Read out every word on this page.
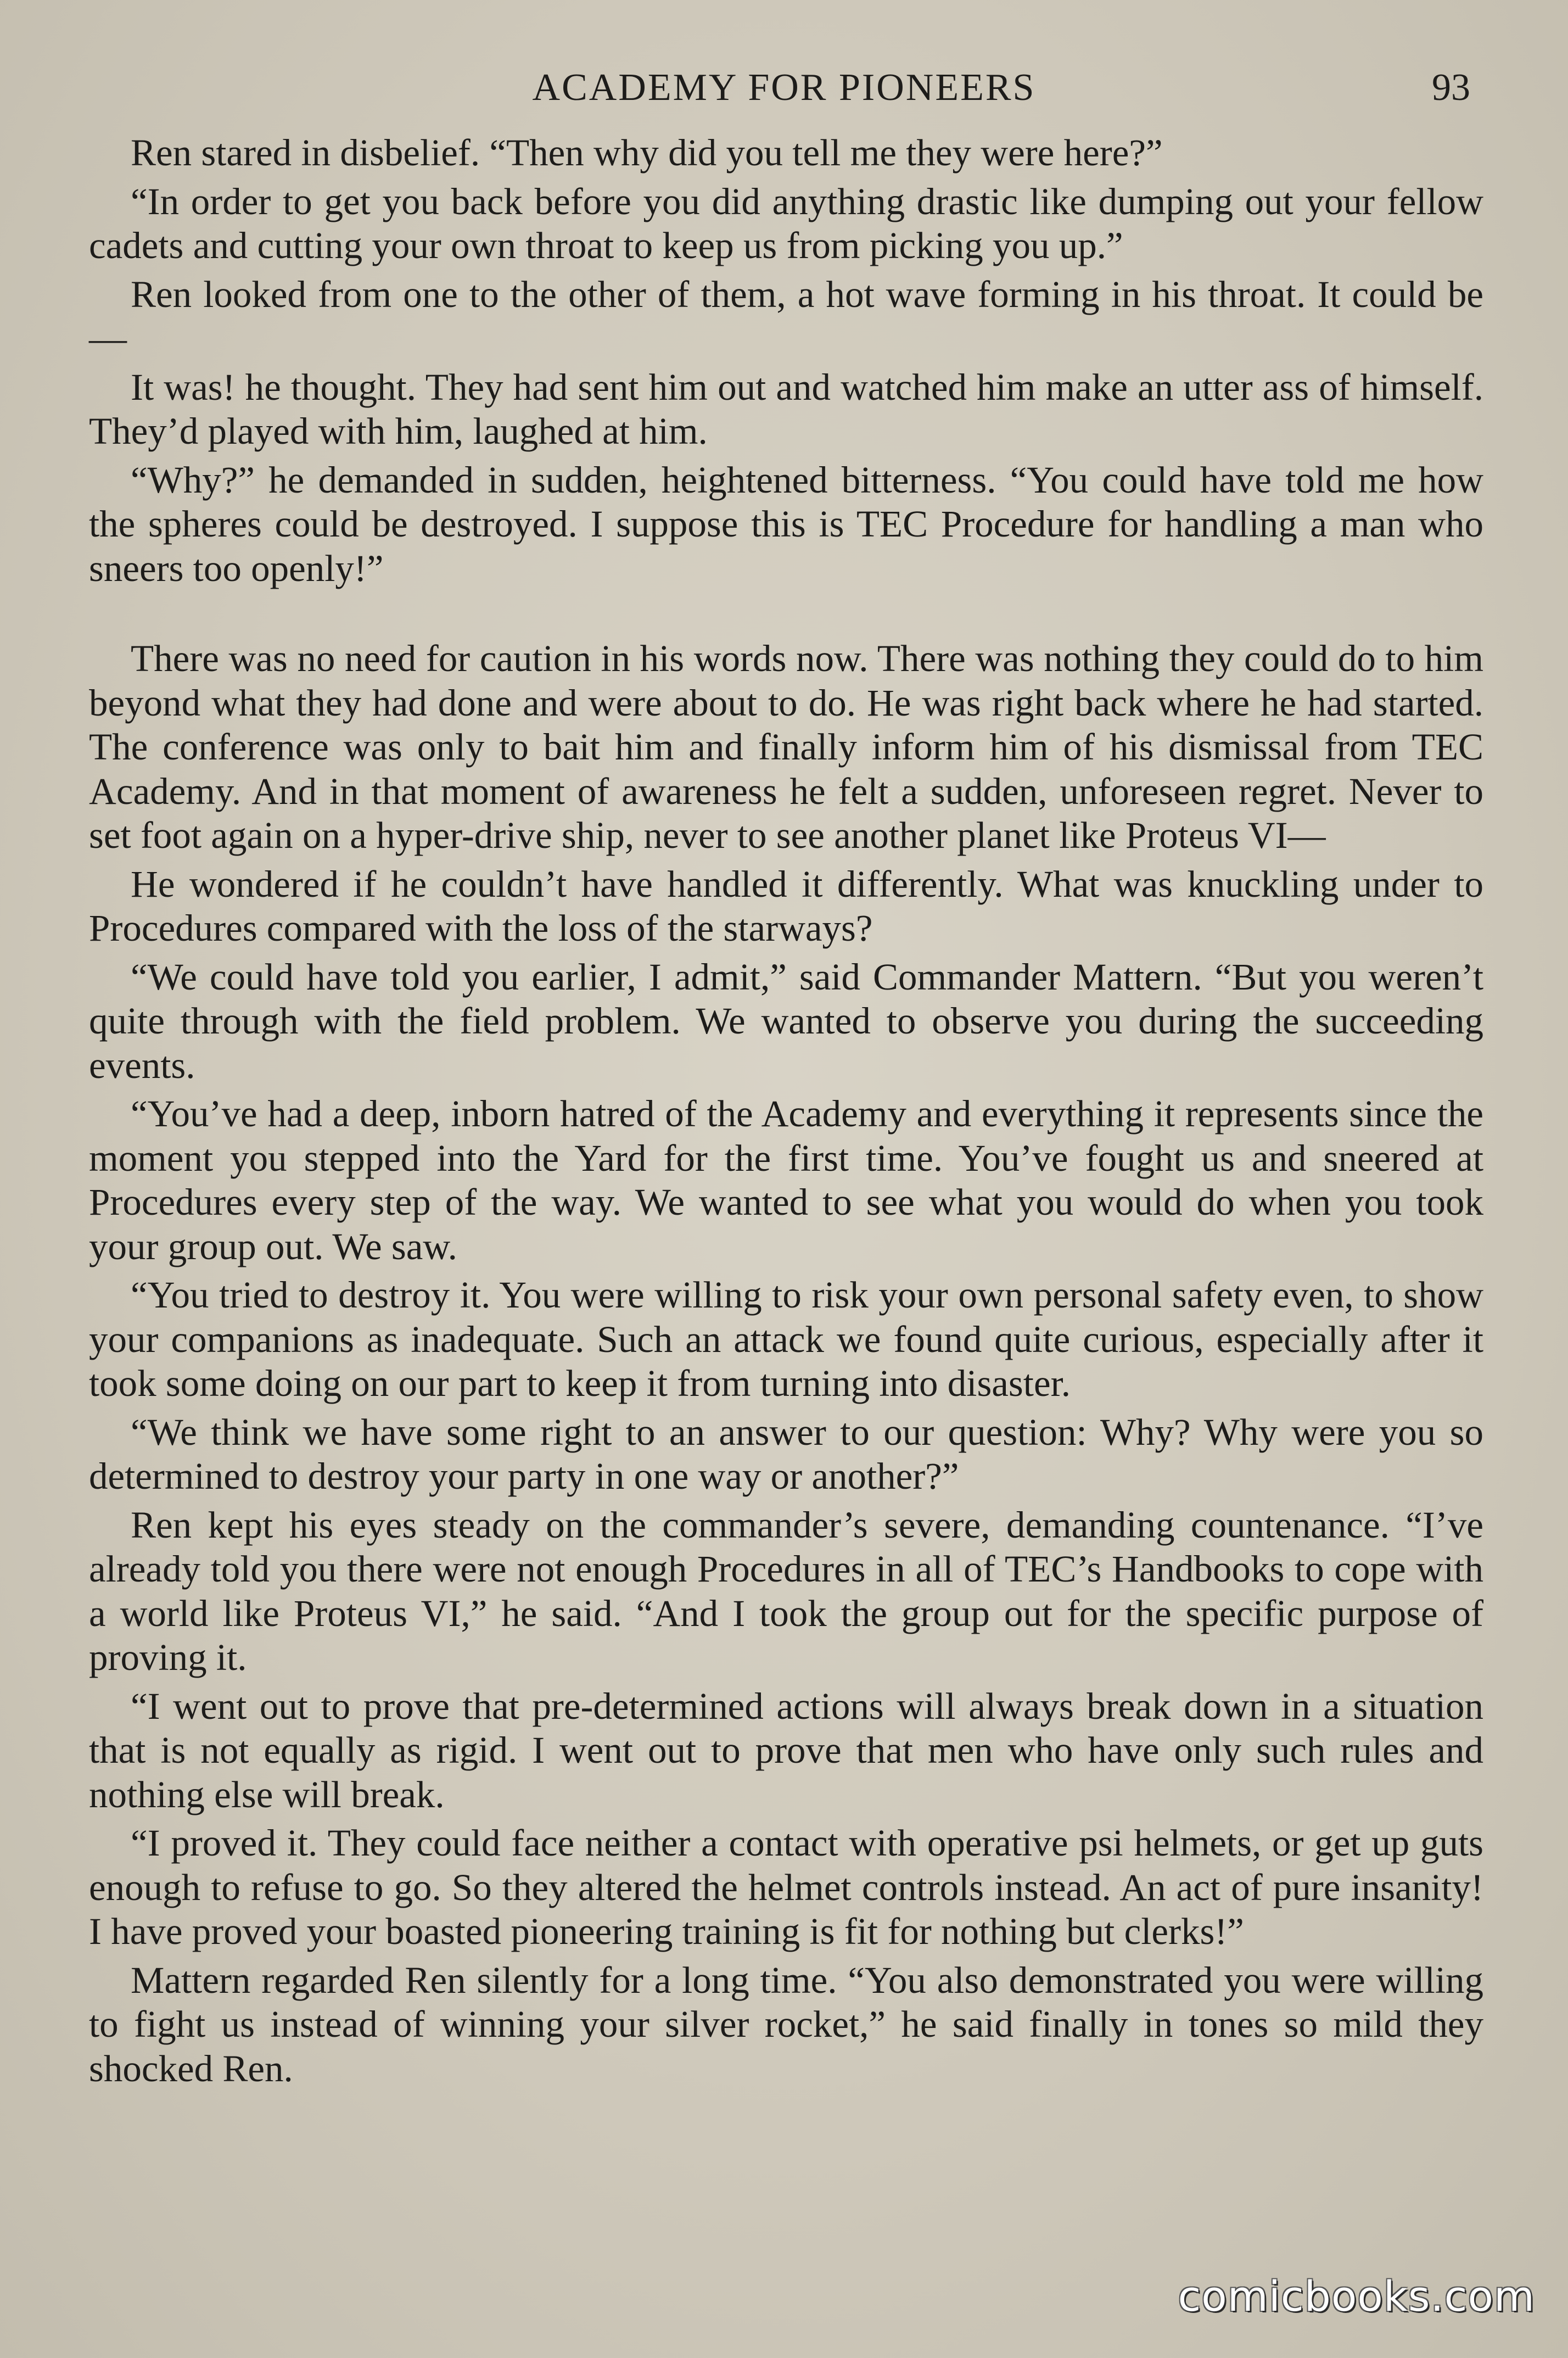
ACADEMY FOR PIONEERS	93

Ren stared in disbelief. “Then why did you tell me they were here?”

“In order to get you back before you did anything drastic like dumping out your fellow cadets and cutting your own throat to keep us from picking you up.”

Ren looked from one to the other of them, a hot wave forming in his throat. It could be—

It was! he thought. They had sent him out and watched him make an utter ass of himself. They’d played with him, laughed at him.

“Why?” he demanded in sudden, heightened bitterness. “You could have told me how the spheres could be destroyed. I suppose this is TEC Procedure for handling a man who sneers too openly!”

There was no need for caution in his words now. There was nothing they could do to him beyond what they had done and were about to do. He was right back where he had started. The conference was only to bait him and finally inform him of his dismissal from TEC Academy. And in that moment of awareness he felt a sudden, unforeseen regret. Never to set foot again on a hyper-drive ship, never to see another planet like Proteus VI—

He wondered if he couldn’t have handled it differently. What was knuckling under to Procedures compared with the loss of the starways?

“We could have told you earlier, I admit,” said Commander Mattern. “But you weren’t quite through with the field problem. We wanted to observe you during the succeeding events.

“You’ve had a deep, inborn hatred of the Academy and everything it represents since the moment you stepped into the Yard for the first time. You’ve fought us and sneered at Procedures every step of the way. We wanted to see what you would do when you took your group out. We saw.

“You tried to destroy it. You were willing to risk your own personal safety even, to show your companions as inadequate. Such an attack we found quite curious, especially after it took some doing on our part to keep it from turning into disaster.

“We think we have some right to an answer to our question: Why? Why were you so determined to destroy your party in one way or another?”

Ren kept his eyes steady on the commander’s severe, demanding countenance. “I’ve already told you there were not enough Procedures in all of TEC’s Handbooks to cope with a world like Proteus VI,” he said. “And I took the group out for the specific purpose of proving it.

“I went out to prove that pre-determined actions will always break down in a situation that is not equally as rigid. I went out to prove that men who have only such rules and nothing else will break.

“I proved it. They could face neither a contact with operative psi helmets, or get up guts enough to refuse to go. So they altered the helmet controls instead. An act of pure insanity! I have proved your boasted pioneering training is fit for nothing but clerks!”

Mattern regarded Ren silently for a long time. “You also demonstrated you were willing to fight us instead of winning your silver rocket,” he said finally in tones so mild they shocked Ren.

comicbooks.com
